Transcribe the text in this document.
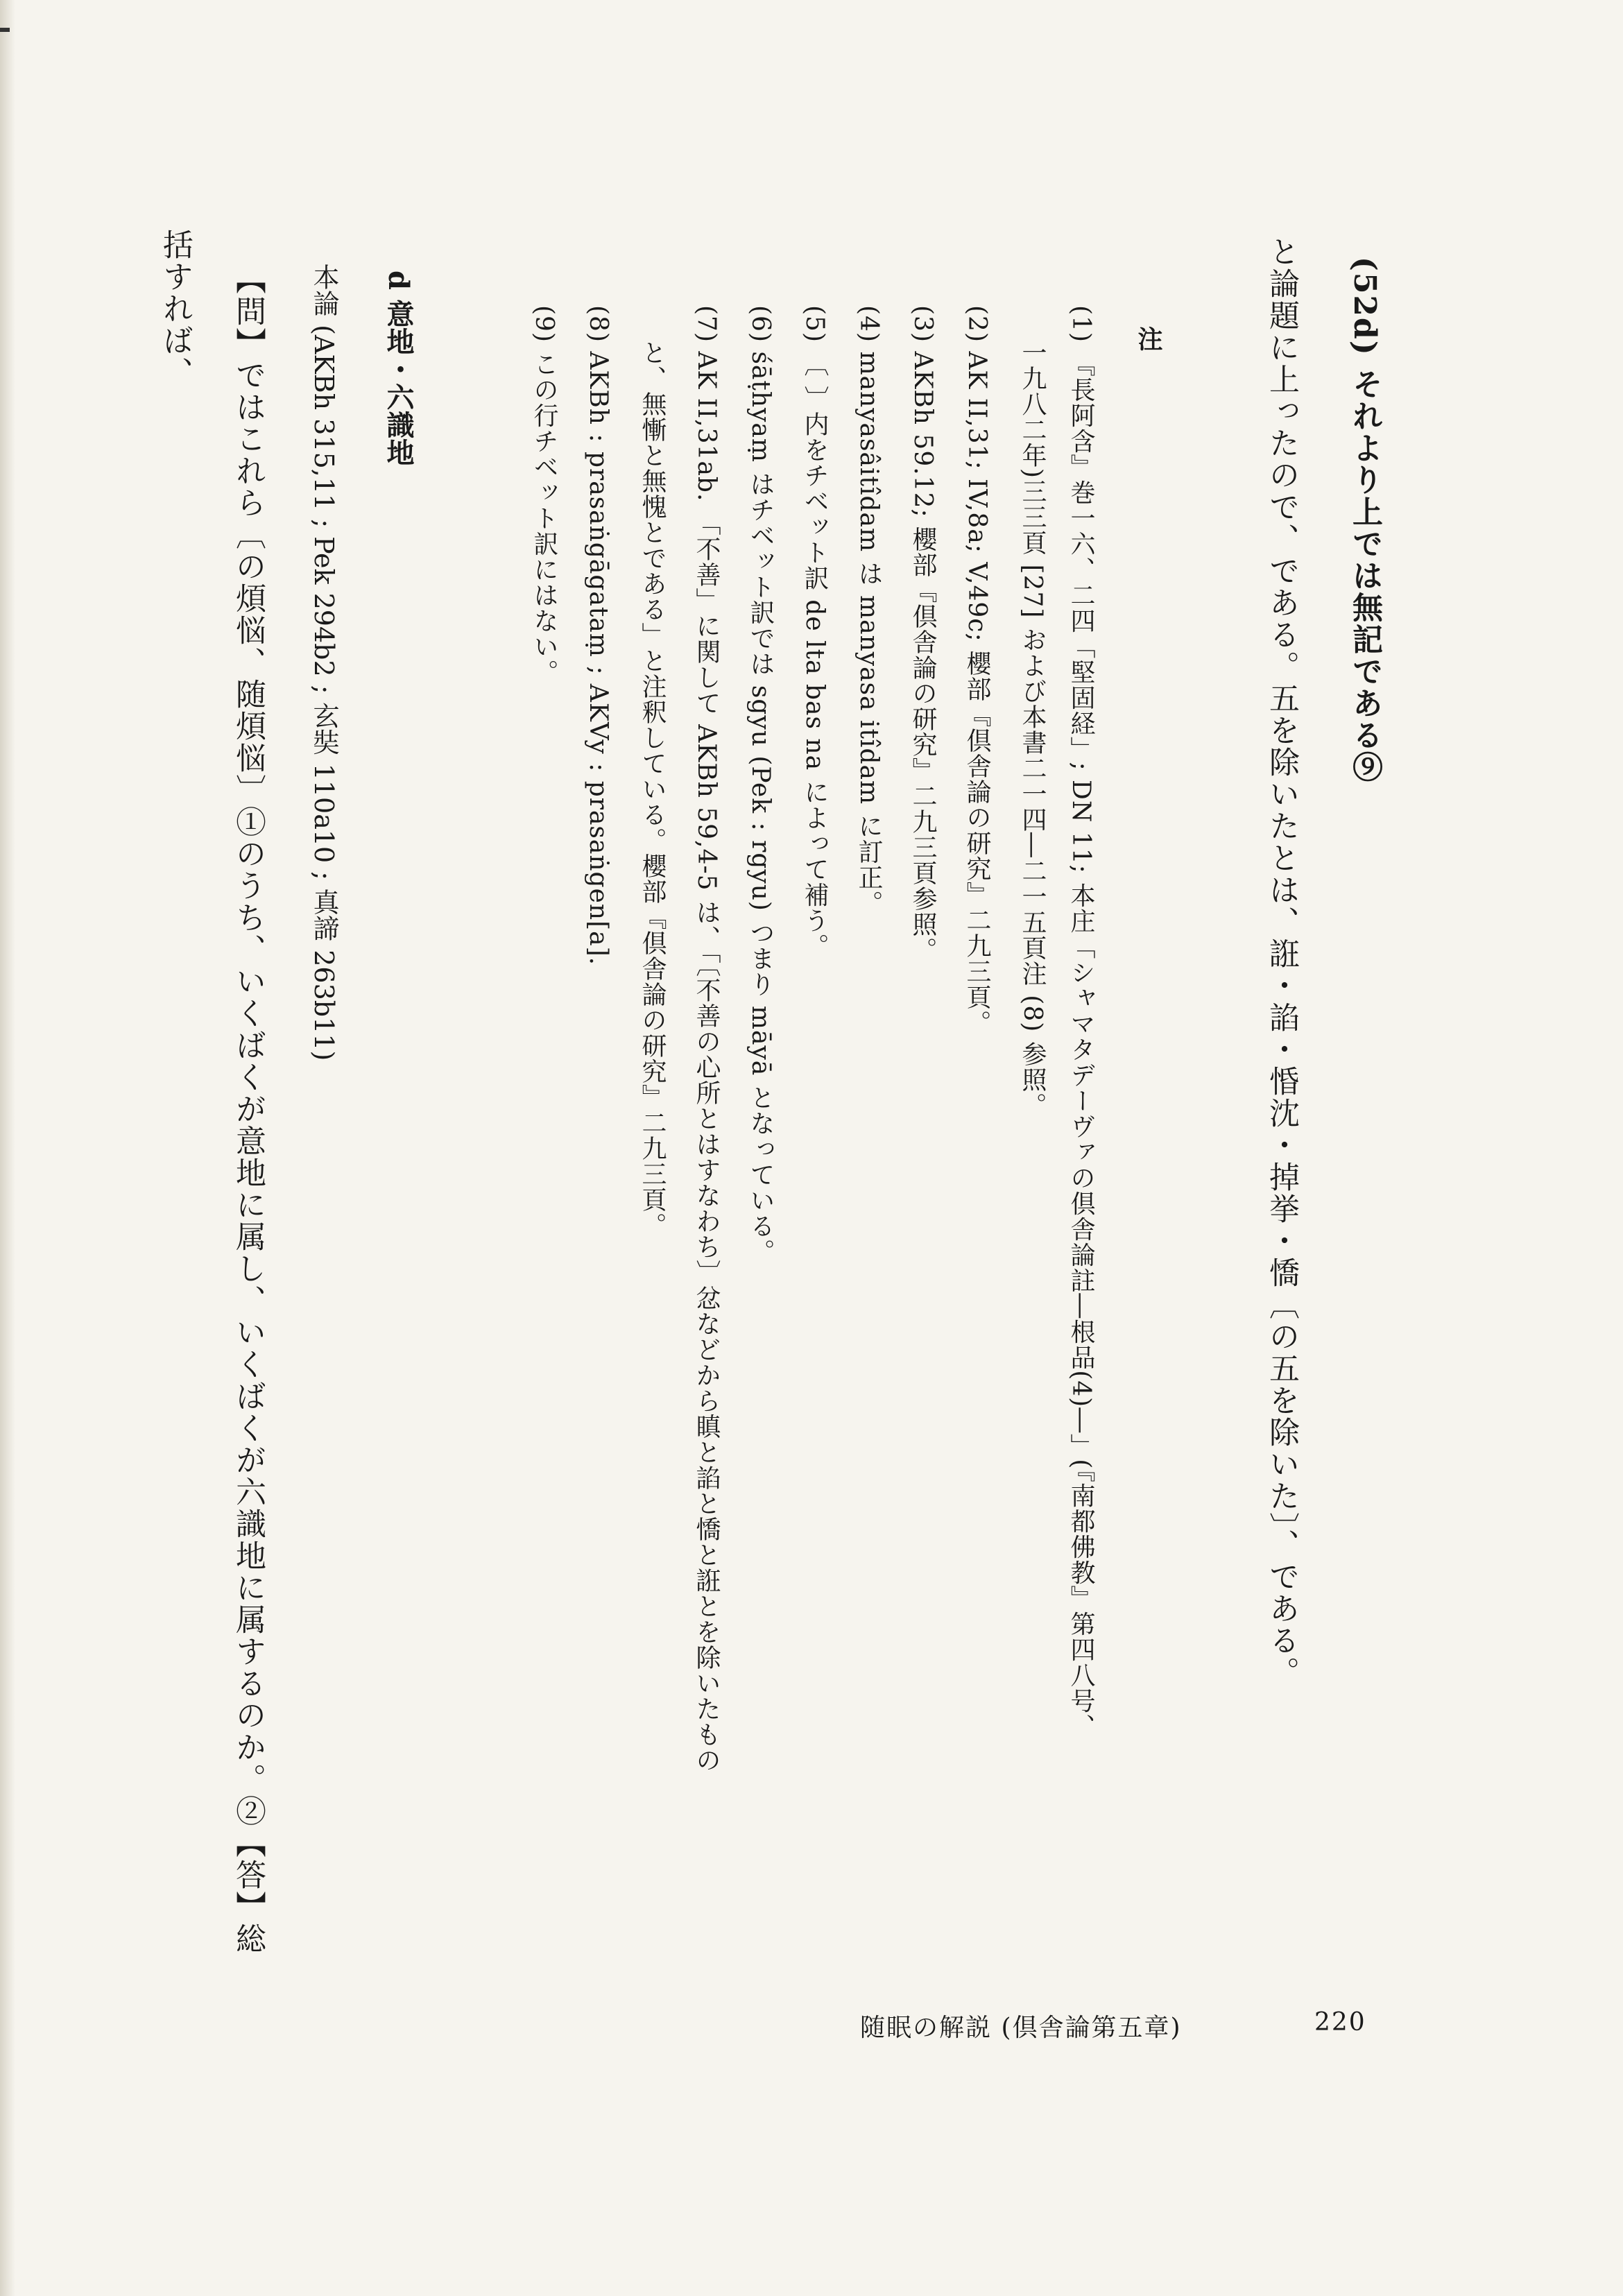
(52d) それより上では無記である⑨
と論題に上ったので、である。五を除いたとは、誑・諂・惛沈・掉挙・憍〔の五を除いた〕、である。
注
(1) 『長阿含』巻一六、二四「堅固経」; DN 11; 本庄「シャマタデーヴァの倶舎論註―根品(4)―」(『南都佛教』第四八号、
一九八二年)三三頁 [27] および本書二一四―二一五頁注 (8) 参照。
(2) AK II,31; IV,8a; V,49c; 櫻部『倶舎論の研究』二九三頁。
(3) AKBh 59.12; 櫻部『倶舎論の研究』二九三頁参照。
(4) manyasâitîdam は manyasa itîdam に訂正。
(5) 〔 〕内をチベット訳 de lta bas na によって補う。
(6) śāṭhyaṃ はチベット訳では sgyu (Pek : rgyu) つまり māyā となっている。
(7) AK II,31ab. 「不善」に関して AKBh 59,4-5 は、「〔不善の心所とはすなわち〕忿などから瞋と諂と憍と誑とを除いたもの
と、無慚と無愧とである」と注釈している。櫻部『倶舎論の研究』二九三頁。
(8) AKBh : prasaṅgāgataṃ ; AKVy : prasaṅgen[a].
(9) この行チベット訳にはない。
d 意地・六識地
本論 (AKBh 315,11 ; Pek 294b2 ; 玄奘 110a10 ; 真諦 263b11)
【問】ではこれら〔の煩悩、随煩悩〕①のうち、いくばくが意地に属し、いくばくが六識地に属するのか。②【答】総
括すれば、
随眠の解説 (倶舎論第五章)	220
